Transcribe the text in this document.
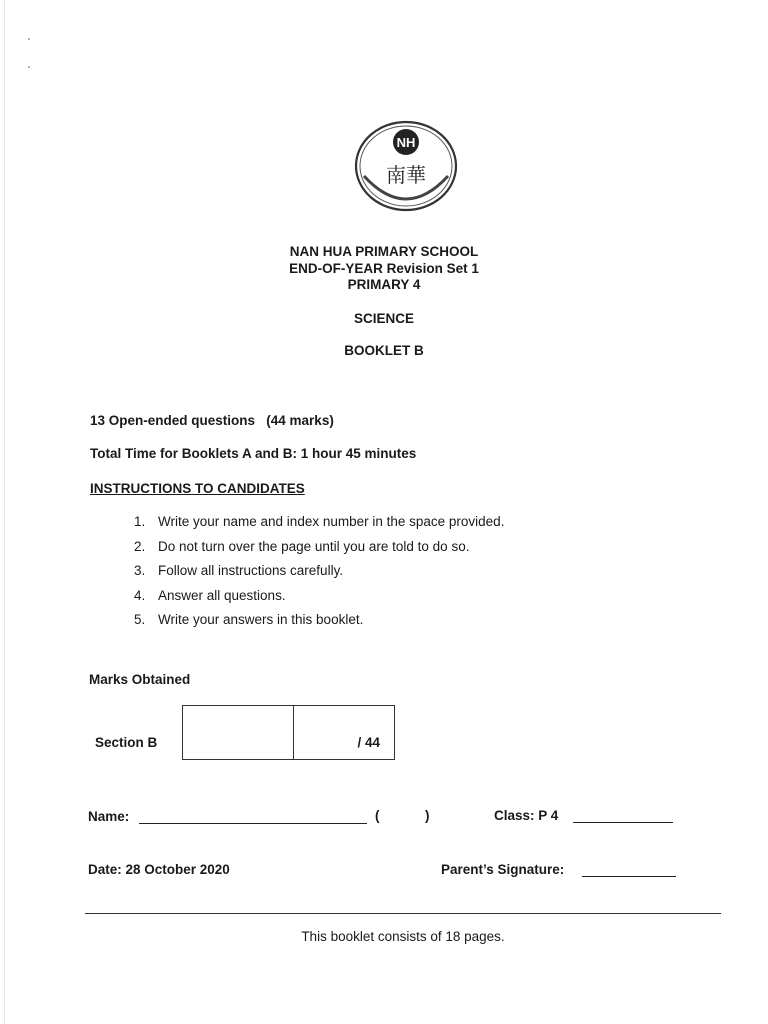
NH
南華
NAN HUA PRIMARY SCHOOL
END-OF-YEAR Revision Set 1
PRIMARY 4
SCIENCE
BOOKLET B
13 Open-ended questions   (44 marks)
Total Time for Booklets A and B: 1 hour 45 minutes
INSTRUCTIONS TO CANDIDATES
1. Write your name and index number in the space provided.
2. Do not turn over the page until you are told to do so.
3. Follow all instructions carefully.
4. Answer all questions.
5. Write your answers in this booklet.
Marks Obtained
Section B	/ 44
Name:	(	)	Class: P 4
Date: 28 October 2020	Parent’s Signature:
This booklet consists of 18 pages.
